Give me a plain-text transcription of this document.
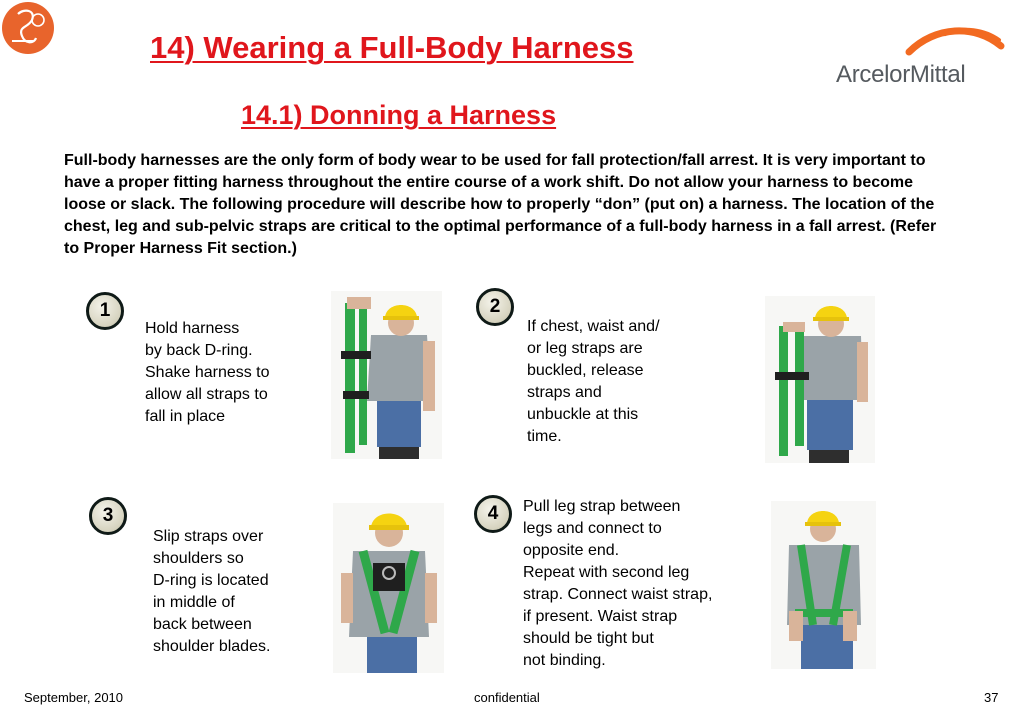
14) Wearing a Full-Body Harness
14.1) Donning a Harness
ArcelorMittal
Full-body harnesses are the only form of body wear to be used for fall protection/fall arrest. It is very important to have a proper fitting harness throughout the entire course of a work shift. Do not allow your harness to become loose or slack. The following procedure will describe how to properly “don” (put on) a harness. The location of the chest, leg and sub-pelvic straps are critical to the optimal performance of a full-body harness in a fall arrest. (Refer to Proper Harness Fit section.)
1
Hold harness
by back D-ring.
Shake harness to
allow all straps to
fall in place
2
If chest, waist and/
or leg straps are
buckled, release
straps and
unbuckle at this
time.
3
Slip straps over
shoulders so
D-ring is located
in middle of
back between
shoulder blades.
4	Pull leg strap between
legs and connect to
opposite end.
Repeat with second leg
strap. Connect waist strap,
if present. Waist strap
should be tight but
not binding.
September, 2010	confidential	37
